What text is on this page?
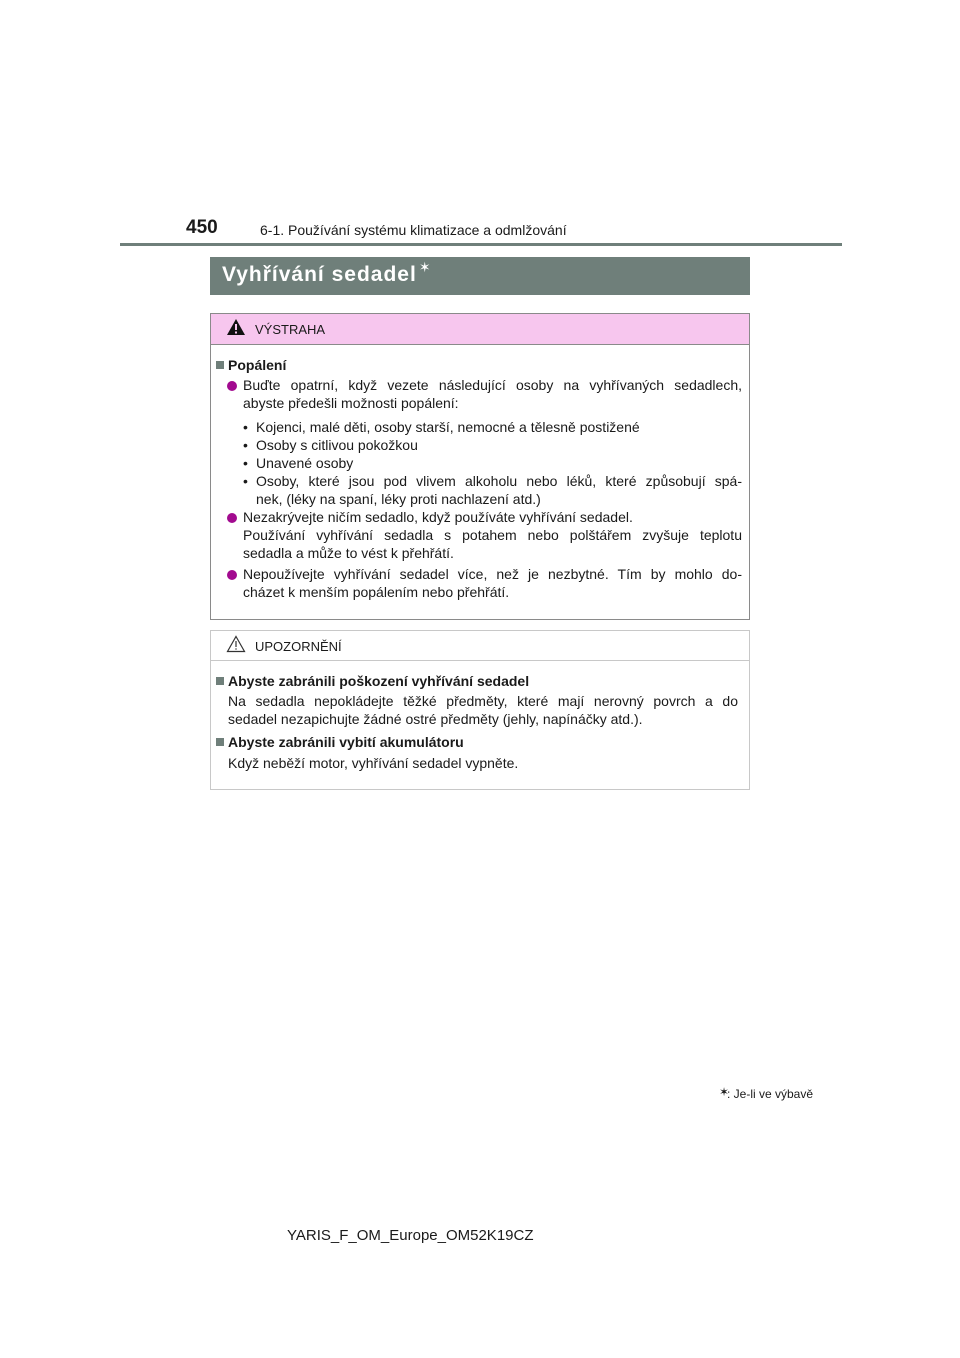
450	6-1. Používání systému klimatizace a odmlžování
Vyhřívání sedadel ✶
VÝSTRAHA
Popálení
Buďte opatrní, když vezete následující osoby na vyhřívaných sedadlech,
abyste předešli možnosti popálení:
• Kojenci, malé děti, osoby starší, nemocné a tělesně postižené
• Osoby s citlivou pokožkou
• Unavené osoby
• Osoby, které jsou pod vlivem alkoholu nebo léků, které způsobují spá-
nek, (léky na spaní, léky proti nachlazení atd.)
Nezakrývejte ničím sedadlo, když používáte vyhřívání sedadel.
Používání vyhřívání sedadla s potahem nebo polštářem zvyšuje teplotu
sedadla a může to vést k přehřátí.
Nepoužívejte vyhřívání sedadel více, než je nezbytné. Tím by mohlo do-
cházet k menším popálením nebo přehřátí.
UPOZORNĚNÍ
Abyste zabránili poškození vyhřívání sedadel
Na sedadla nepokládejte těžké předměty, které mají nerovný povrch a do
sedadel nezapichujte žádné ostré předměty (jehly, napínáčky atd.).
Abyste zabránili vybití akumulátoru
Když neběží motor, vyhřívání sedadel vypněte.
✶
: Je-li ve výbavě
YARIS_F_OM_Europe_OM52K19CZ
